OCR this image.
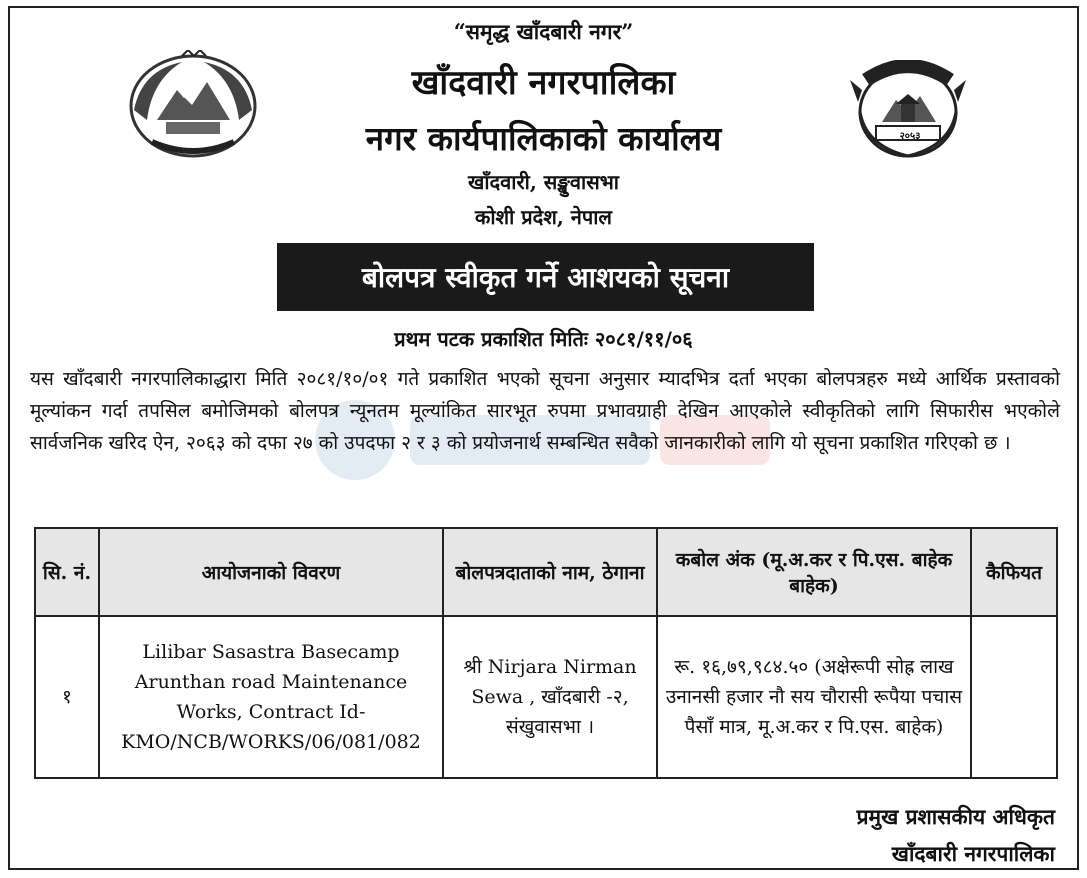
२०५३
“समृद्ध खाँदबारी नगर”
खाँदवारी नगरपालिका
नगर कार्यपालिकाको कार्यालय
खाँदवारी, सङ्खुवासभा
कोशी प्रदेश, नेपाल
बोलपत्र स्वीकृत गर्ने आशयको सूचना
प्रथम पटक प्रकाशित मितिः २०८१/११/०६
यस खाँदबारी नगरपालिकाद्धारा मिति २०८१/१०/०१ गते प्रकाशित भएको सूचना अनुसार म्यादभित्र दर्ता भएका बोलपत्रहरु मध्ये आर्थिक प्रस्तावको मूल्यांकन गर्दा तपसिल बमोजिमको बोलपत्र न्यूनतम मूल्यांकित सारभूत रुपमा प्रभावग्राही देखिन आएकोले स्वीकृतिको लागि सिफारीस भएकोले सार्वजनिक खरिद ऐन, २०६३ को दफा २७ को उपदफा २ र ३ को प्रयोजनार्थ सम्बन्धित सवैको जानकारीको लागि यो सूचना प्रकाशित गरिएको छ ।
सि. नं.	आयोजनाको विवरण	बोलपत्रदाताको नाम, ठेगाना	कबोल अंक (मू.अ.कर र पि.एस. बाहेक बाहेक)	कैफियत
१	Lilibar Sasastra Basecamp Arunthan road Maintenance Works, Contract Id- KMO/NCB/WORKS/06/081/082	श्री Nirjara Nirman Sewa , खाँदबारी -२, संखुवासभा ।	रू. १६,७९,९८४.५० (अक्षेरूपी सोह्र लाख उनानसी हजार नौ सय चौरासी रूपैया पचास पैसाँ मात्र, मू.अ.कर र पि.एस. बाहेक)	
प्रमुख प्रशासकीय अधिकृत
खाँदबारी नगरपालिका
